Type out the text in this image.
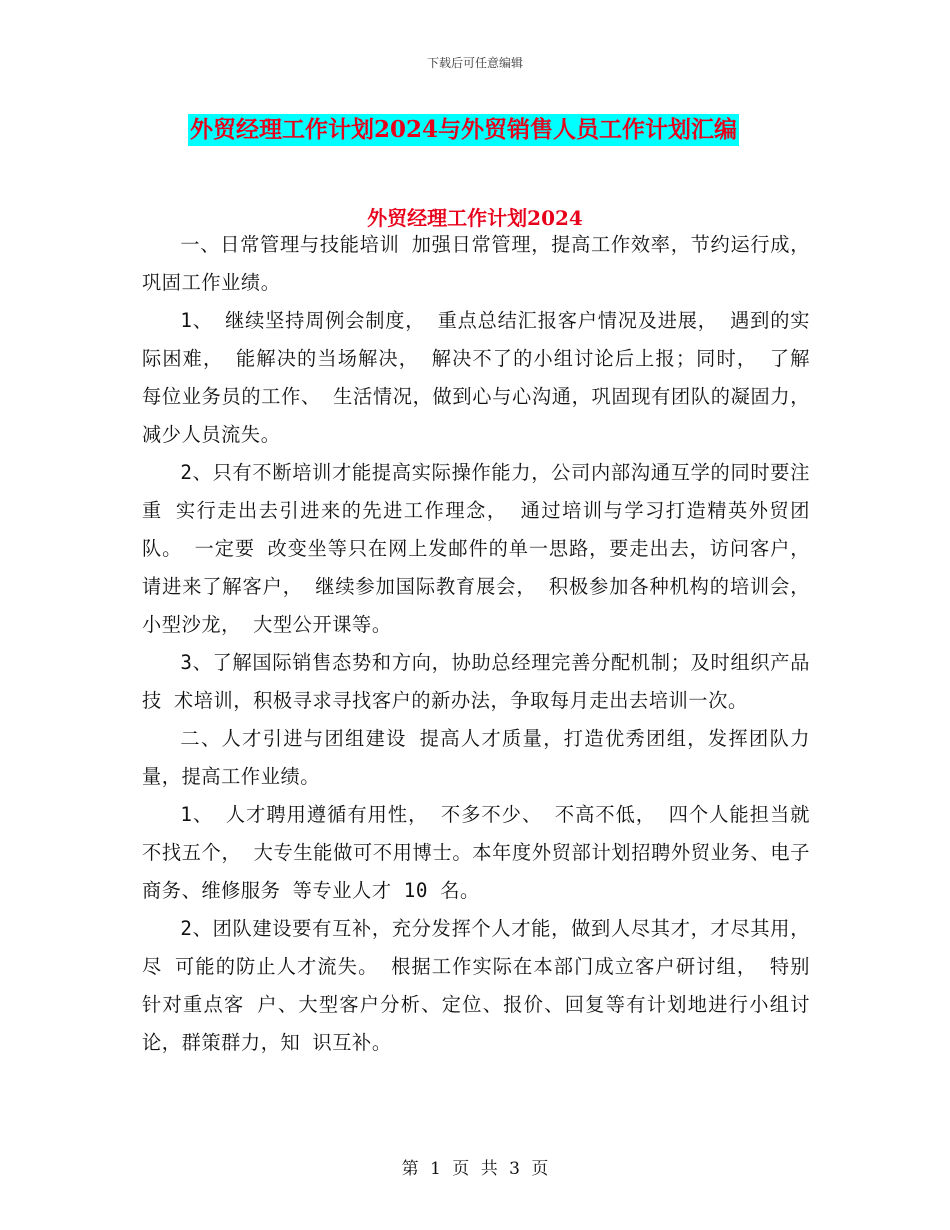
下载后可任意编辑
外贸经理工作计划2024与外贸销售人员工作计划汇编
外贸经理工作计划2024

一、日常管理与技能培训 加强日常管理，提高工作效率，节约运行成，巩固工作业绩。

1、 继续坚持周例会制度， 重点总结汇报客户情况及进展， 遇到的实际困难， 能解决的当场解决， 解决不了的小组讨论后上报；同时， 了解每位业务员的工作、 生活情况，做到心与心沟通，巩固现有团队的凝固力，减少人员流失。

2、只有不断培训才能提高实际操作能力，公司内部沟通互学的同时要注重 实行走出去引进来的先进工作理念， 通过培训与学习打造精英外贸团队。 一定要 改变坐等只在网上发邮件的单一思路，要走出去，访问客户，请进来了解客户， 继续参加国际教育展会， 积极参加各种机构的培训会， 小型沙龙， 大型公开课等。

3、了解国际销售态势和方向，协助总经理完善分配机制；及时组织产品技 术培训，积极寻求寻找客户的新办法，争取每月走出去培训一次。

二、人才引进与团组建设 提高人才质量，打造优秀团组，发挥团队力量，提高工作业绩。

1、 人才聘用遵循有用性， 不多不少、 不高不低， 四个人能担当就不找五个， 大专生能做可不用博士。本年度外贸部计划招聘外贸业务、电子商务、维修服务 等专业人才 10 名。

2、团队建设要有互补，充分发挥个人才能，做到人尽其才，才尽其用，尽 可能的防止人才流失。 根据工作实际在本部门成立客户研讨组， 特别针对重点客 户、大型客户分析、定位、报价、回复等有计划地进行小组讨论，群策群力，知 识互补。

第 1 页 共 3 页
